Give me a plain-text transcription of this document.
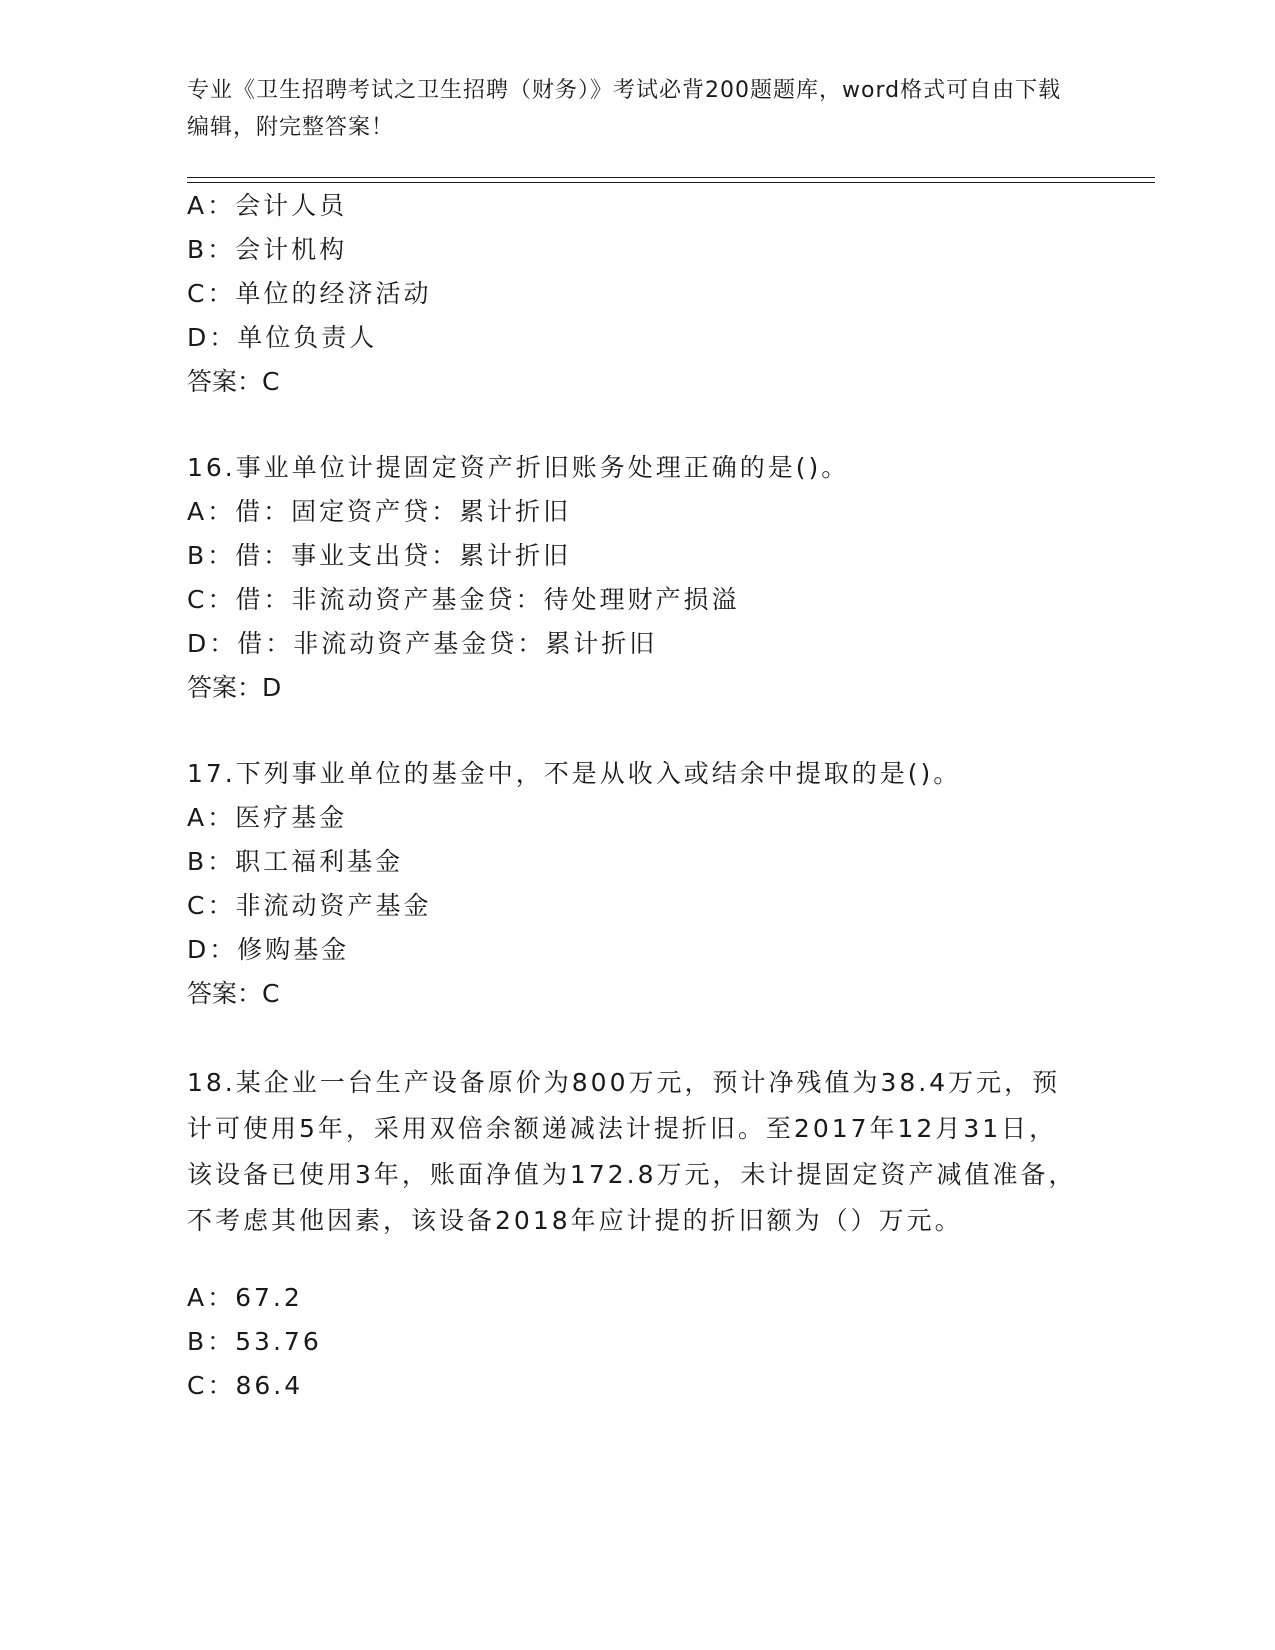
专业《卫生招聘考试之卫生招聘（财务）》考试必背200题题库，word格式可自由下载编辑，附完整答案！
A：会计人员
B：会计机构
C：单位的经济活动
D：单位负责人
答案：C
16.事业单位计提固定资产折旧账务处理正确的是()。
A：借：固定资产贷：累计折旧
B：借：事业支出贷：累计折旧
C：借：非流动资产基金贷：待处理财产损溢
D：借：非流动资产基金贷：累计折旧
答案：D
17.下列事业单位的基金中，不是从收入或结余中提取的是()。
A：医疗基金
B：职工福利基金
C：非流动资产基金
D：修购基金
答案：C
18.某企业一台生产设备原价为800万元，预计净残值为38.4万元，预计可使用5年，采用双倍余额递减法计提折旧。至2017年12月31日，该设备已使用3年，账面净值为172.8万元，未计提固定资产减值准备，不考虑其他因素，该设备2018年应计提的折旧额为（）万元。
A：67.2
B：53.76
C：86.4
